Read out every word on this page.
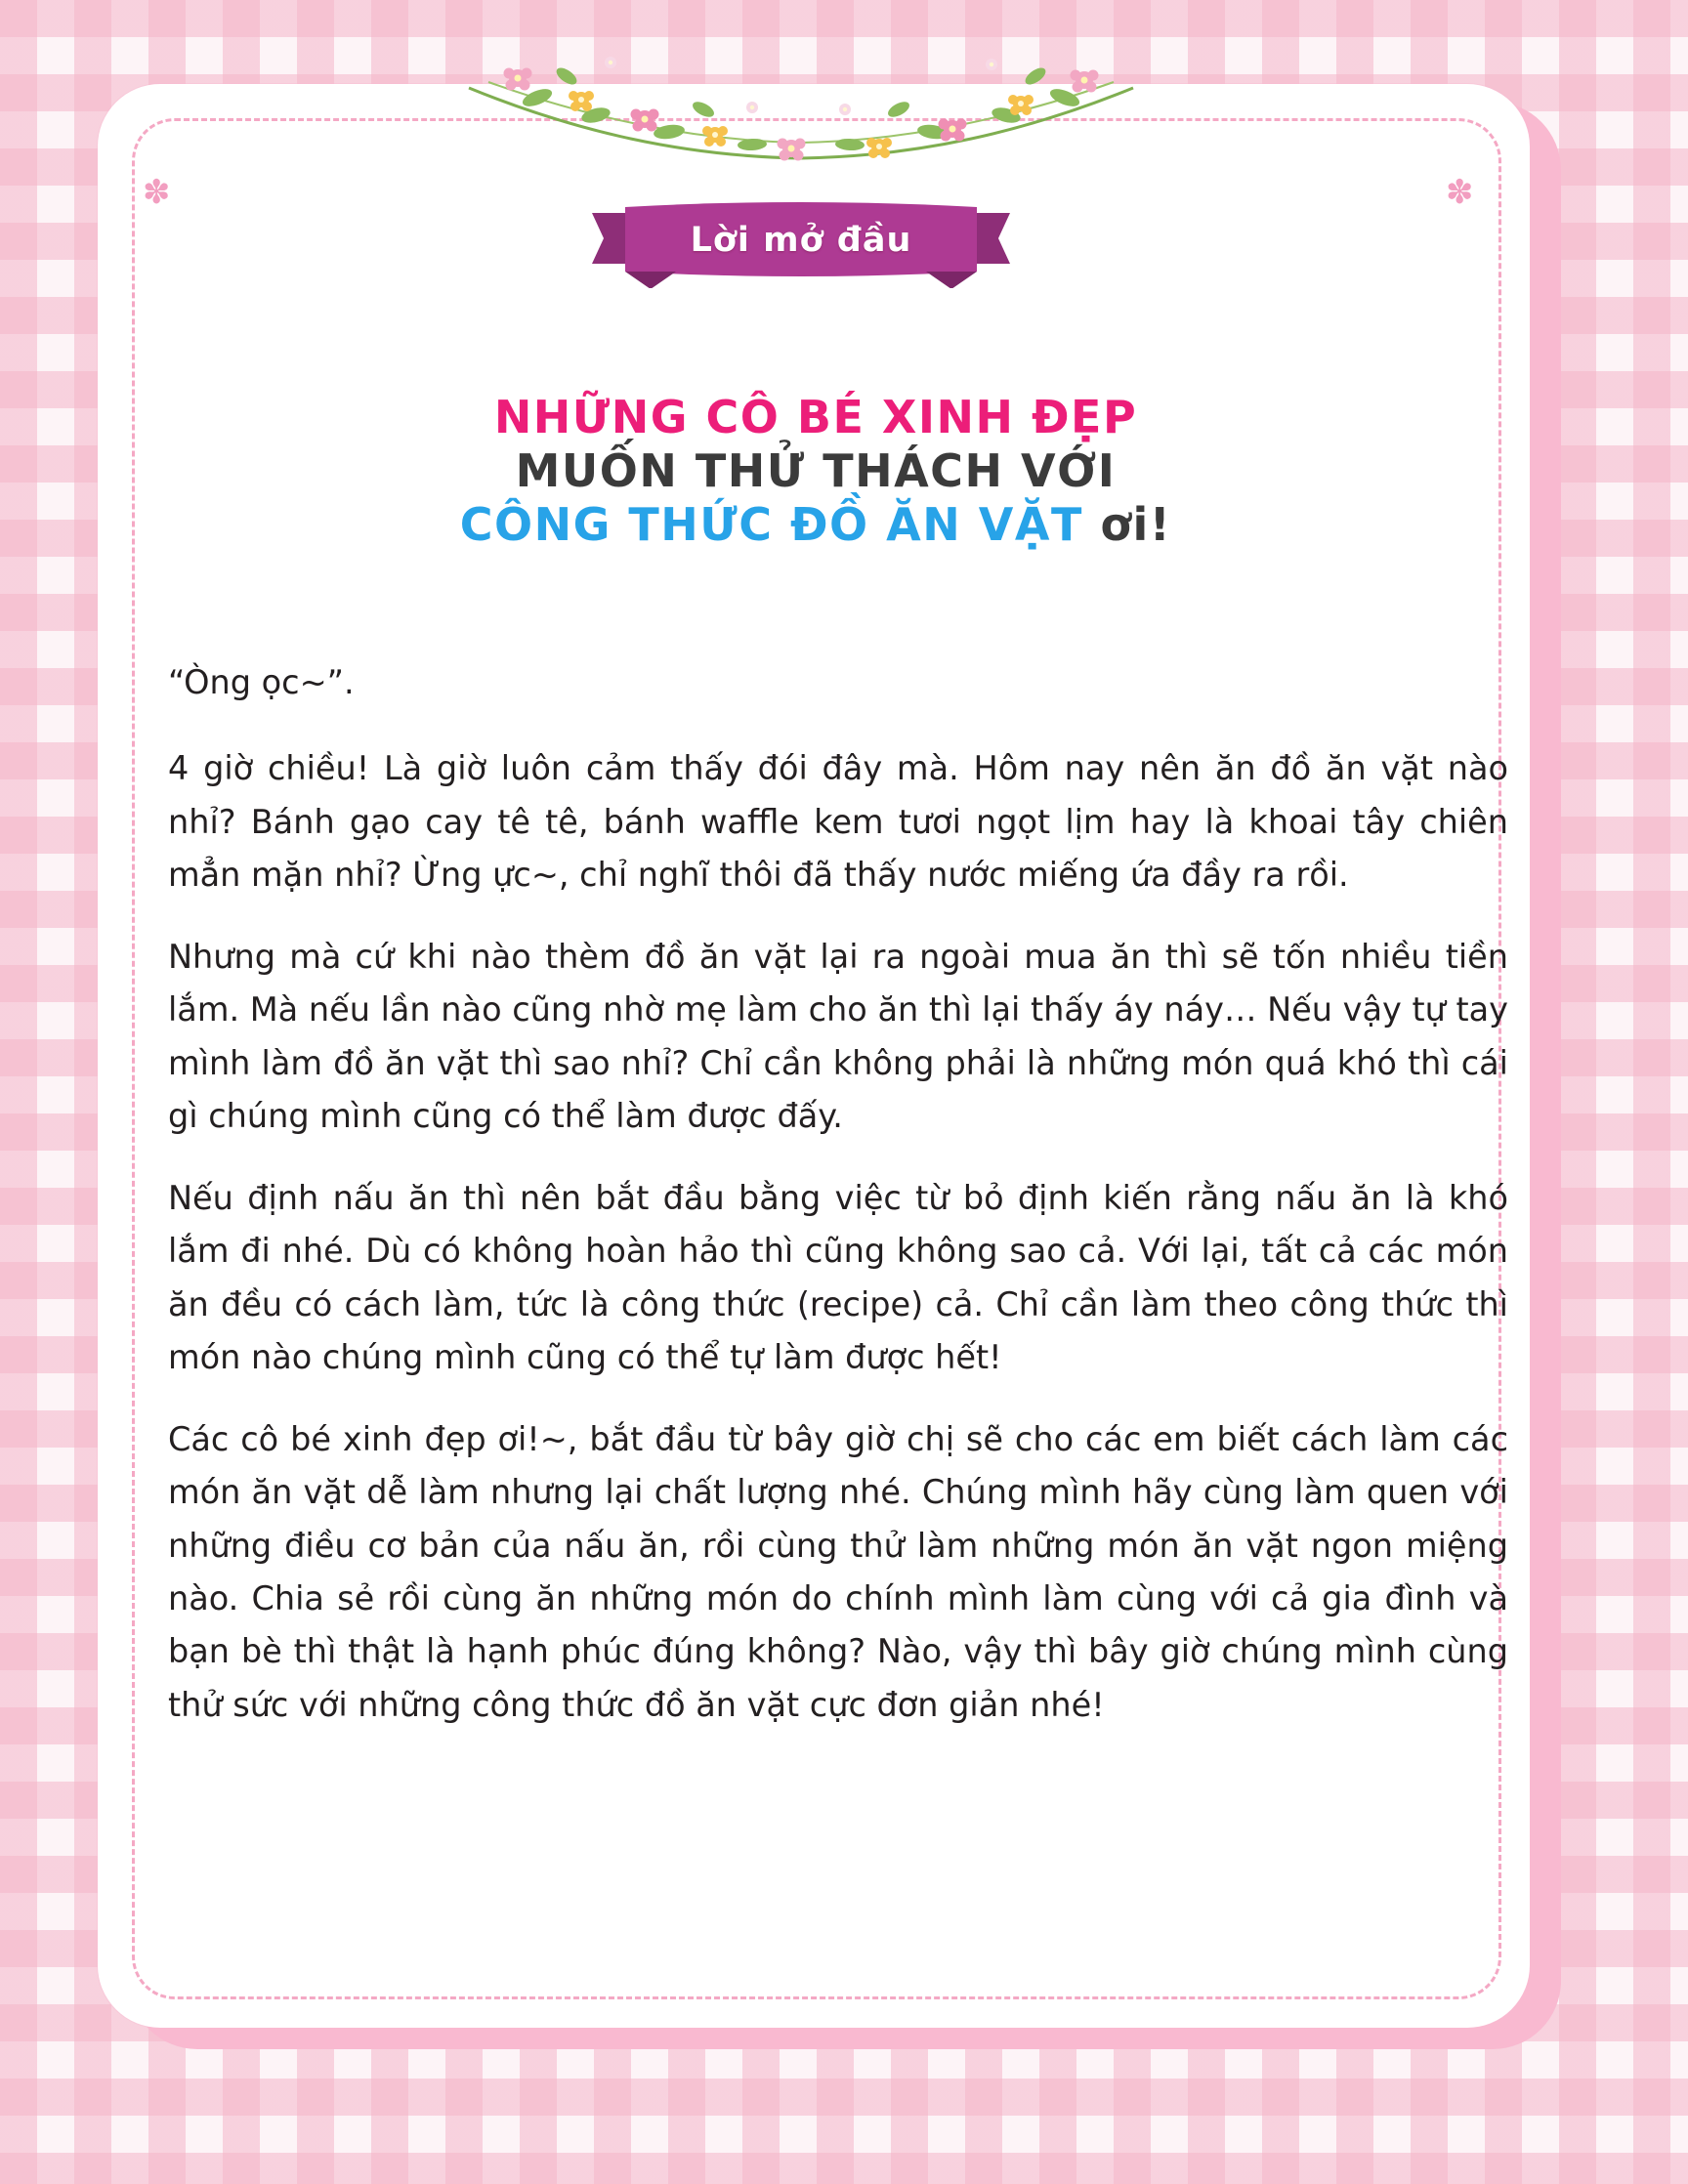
✽	✽
Lời mở đầu
NHỮNG CÔ BÉ XINH ĐẸP
MUỐN THỬ THÁCH VỚI
CÔNG THỨC ĐỒ ĂN VẶT ơi!

“Òng ọc~”.

4 giờ chiều! Là giờ luôn cảm thấy đói đây mà. Hôm nay nên ăn đồ ăn vặt nào nhỉ? Bánh gạo cay tê tê, bánh waffle kem tươi ngọt lịm hay là khoai tây chiên mẳn mặn nhỉ? Ừng ực~, chỉ nghĩ thôi đã thấy nước miếng ứa đầy ra rồi.

Nhưng mà cứ khi nào thèm đồ ăn vặt lại ra ngoài mua ăn thì sẽ tốn nhiều tiền lắm. Mà nếu lần nào cũng nhờ mẹ làm cho ăn thì lại thấy áy náy… Nếu vậy tự tay mình làm đồ ăn vặt thì sao nhỉ? Chỉ cần không phải là những món quá khó thì cái gì chúng mình cũng có thể làm được đấy.

Nếu định nấu ăn thì nên bắt đầu bằng việc từ bỏ định kiến rằng nấu ăn là khó lắm đi nhé. Dù có không hoàn hảo thì cũng không sao cả. Với lại, tất cả các món ăn đều có cách làm, tức là công thức (recipe) cả. Chỉ cần làm theo công thức thì món nào chúng mình cũng có thể tự làm được hết!

Các cô bé xinh đẹp ơi!~, bắt đầu từ bây giờ chị sẽ cho các em biết cách làm các món ăn vặt dễ làm nhưng lại chất lượng nhé. Chúng mình hãy cùng làm quen với những điều cơ bản của nấu ăn, rồi cùng thử làm những món ăn vặt ngon miệng nào. Chia sẻ rồi cùng ăn những món do chính mình làm cùng với cả gia đình và bạn bè thì thật là hạnh phúc đúng không? Nào, vậy thì bây giờ chúng mình cùng thử sức với những công thức đồ ăn vặt cực đơn giản nhé!
